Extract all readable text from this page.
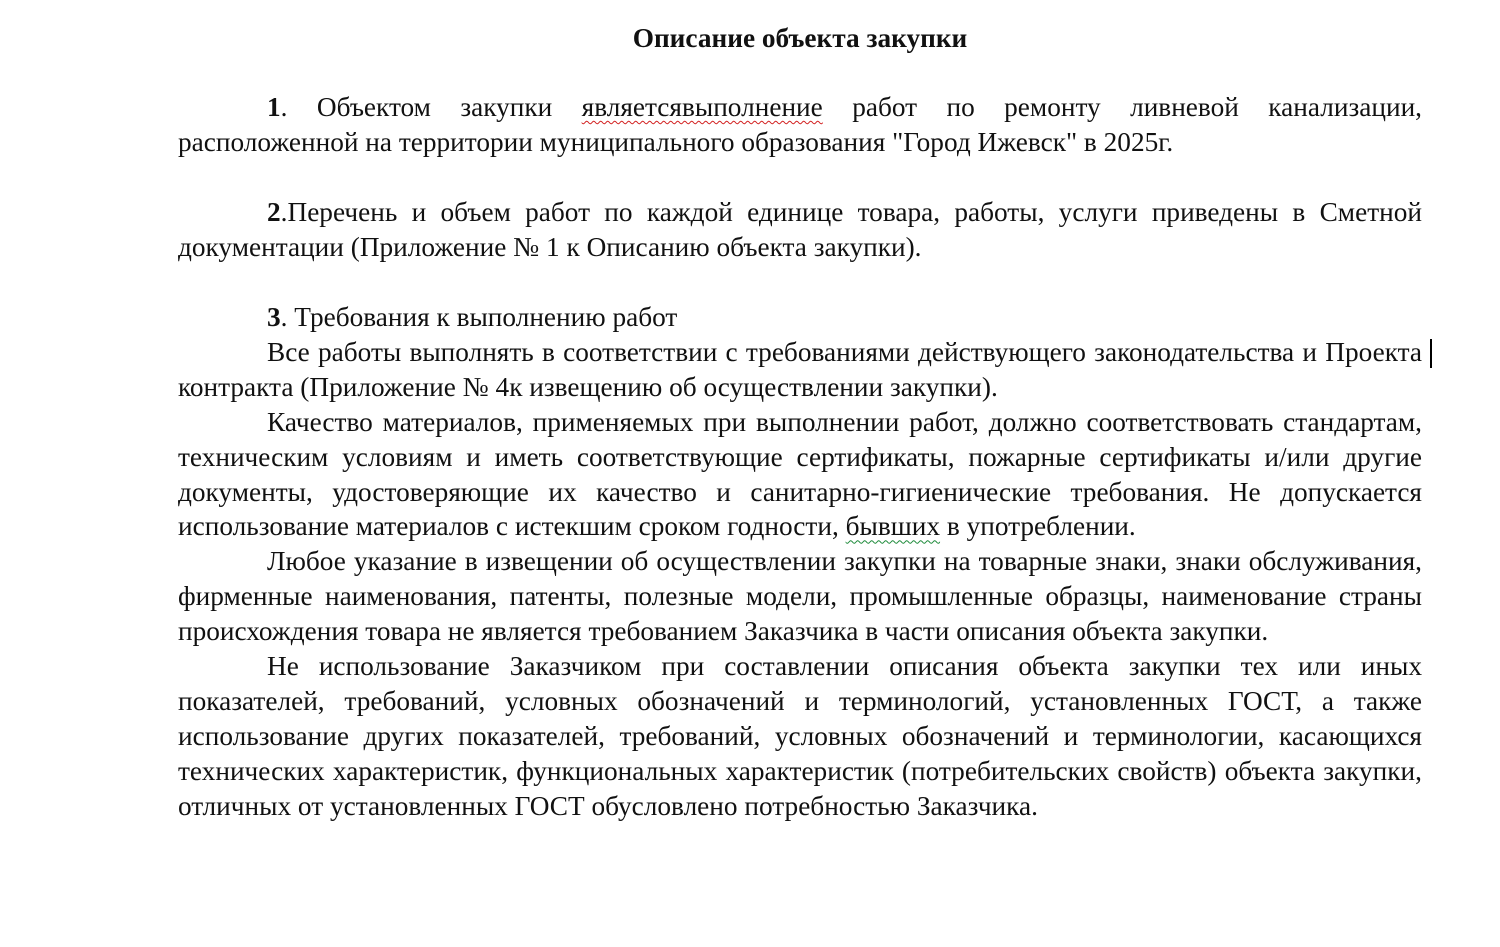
Описание объекта закупки

1. Объектом закупки являетсявыполнение работ по ремонту ливневой канализации, расположенной на территории муниципального образования "Город Ижевск" в 2025г.

2.Перечень и объем работ по каждой единице товара, работы, услуги приведены в Сметной документации (Приложение № 1 к Описанию объекта закупки).

3. Требования к выполнению работ

Все работы выполнять в соответствии с требованиями действующего законодательства и Проекта контракта (Приложение № 4к извещению об осуществлении закупки).

Качество материалов, применяемых при выполнении работ, должно соответствовать стандартам, техническим условиям и иметь соответствующие сертификаты, пожарные сертификаты и/или другие документы, удостоверяющие их качество и санитарно-гигиенические требования. Не допускается использование материалов с истекшим сроком годности, бывших в употреблении.

Любое указание в извещении об осуществлении закупки на товарные знаки, знаки обслуживания, фирменные наименования, патенты, полезные модели, промышленные образцы, наименование страны происхождения товара не является требованием Заказчика в части описания объекта закупки.

Не использование Заказчиком при составлении описания объекта закупки тех или иных показателей, требований, условных обозначений и терминологий, установленных ГОСТ, а также использование других показателей, требований, условных обозначений и терминологии, касающихся технических характеристик, функциональных характеристик (потребительских свойств) объекта закупки, отличных от установленных ГОСТ обусловлено потребностью Заказчика.
